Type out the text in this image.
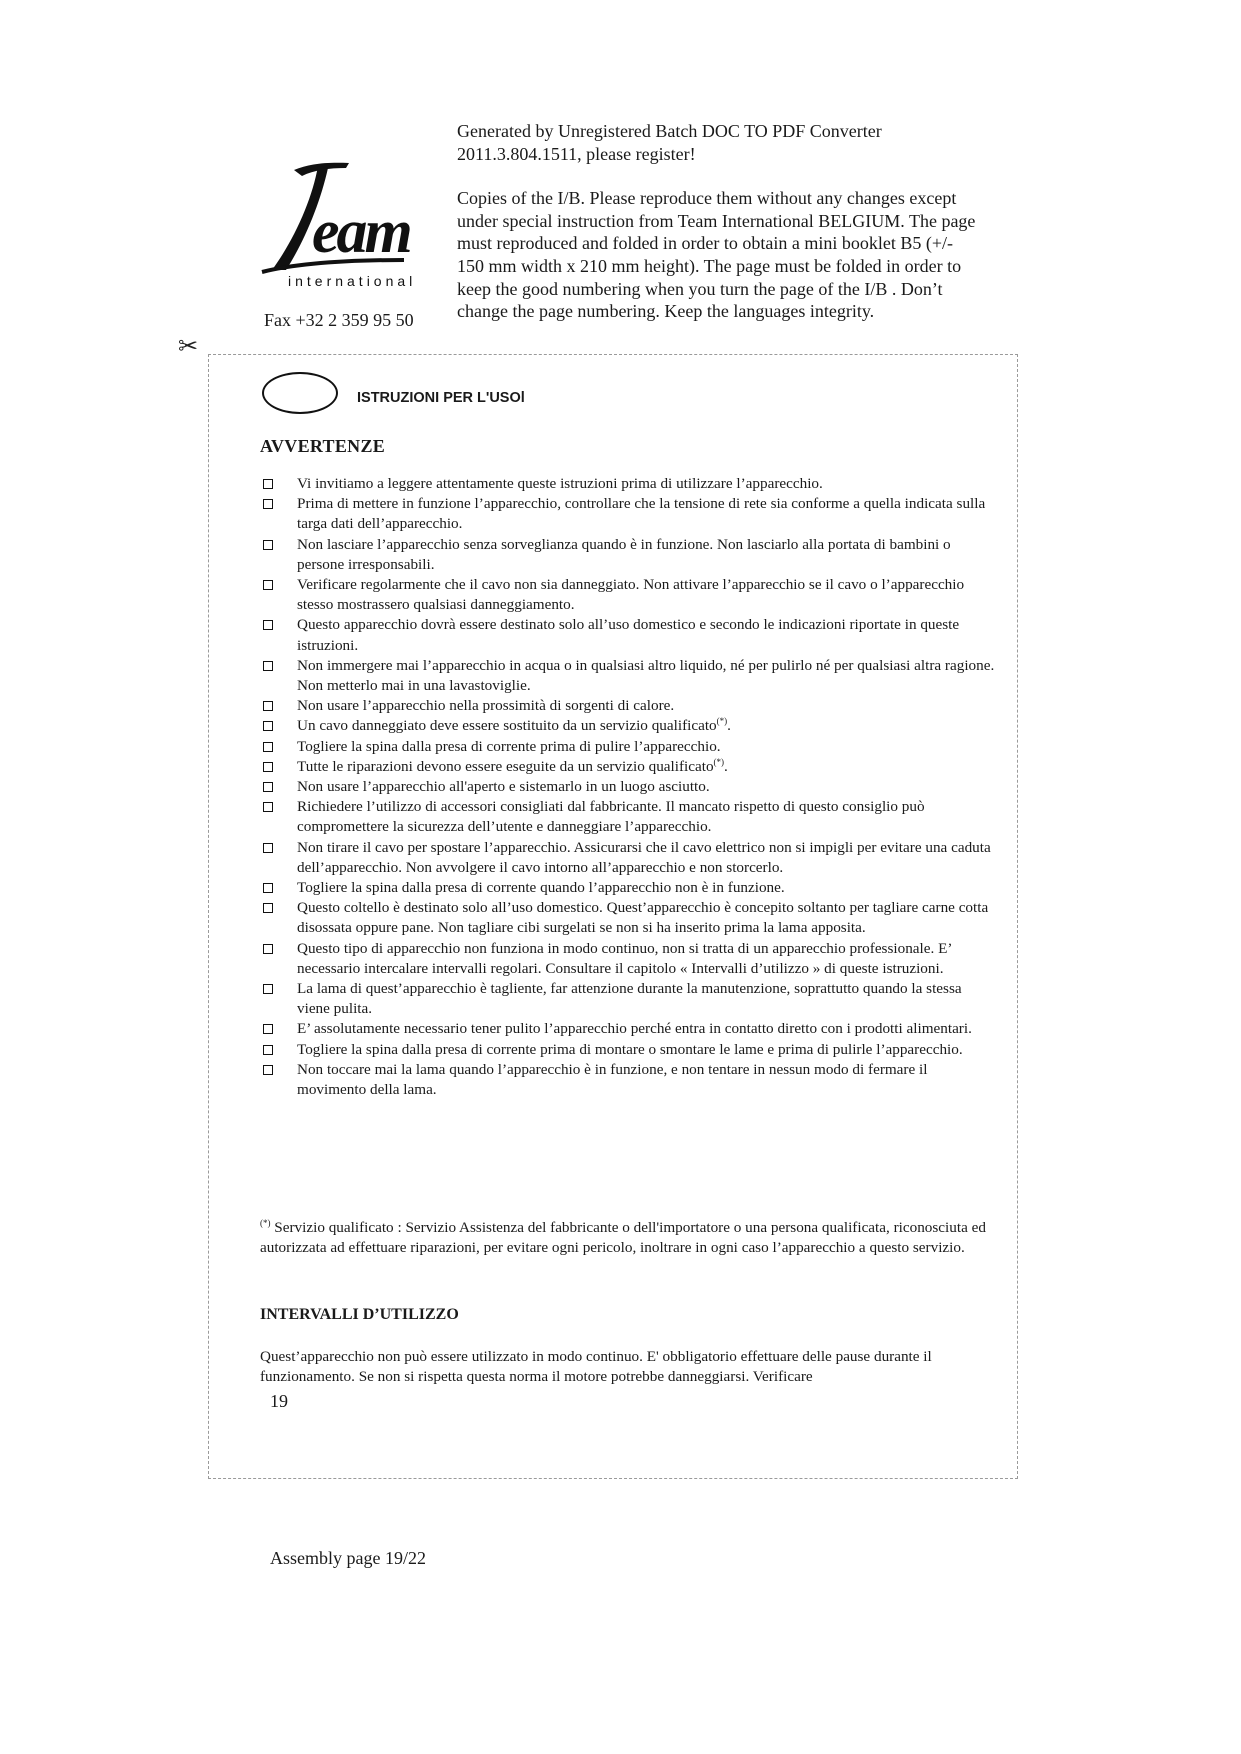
eam
international
Fax +32 2 359 95 50

Generated by Unregistered Batch DOC TO PDF Converter 2011.3.804.1511, please register!

Copies of the I/B. Please reproduce them without any changes except under special instruction from Team International BELGIUM. The page must reproduced and folded in order to obtain a mini booklet B5 (+/- 150 mm width x 210 mm height). The page must be folded in order to keep the good numbering when you turn the page of the I/B . Don’t change the page numbering. Keep the languages integrity.

✂
ISTRUZIONI PER L'USOl
AVVERTENZE
Vi invitiamo a leggere attentamente queste istruzioni prima di utilizzare l’apparecchio.
Prima di mettere in funzione l’apparecchio, controllare che la tensione di rete sia conforme a quella indicata sulla targa dati dell’apparecchio.
Non lasciare l’apparecchio senza sorveglianza quando è in funzione. Non lasciarlo alla portata di bambini o persone irresponsabili.
Verificare regolarmente che il cavo non sia danneggiato. Non attivare l’apparecchio se il cavo o l’apparecchio stesso mostrassero qualsiasi danneggiamento.
Questo apparecchio dovrà essere destinato solo all’uso domestico e secondo le indicazioni riportate in queste istruzioni.
Non immergere mai l’apparecchio in acqua o in qualsiasi altro liquido, né per pulirlo né per qualsiasi altra ragione. Non metterlo mai in una lavastoviglie.
Non usare l’apparecchio nella prossimità di sorgenti di calore.
Un cavo danneggiato deve essere sostituito da un servizio qualificato(*).
Togliere la spina dalla presa di corrente prima di pulire l’apparecchio.
Tutte le riparazioni devono essere eseguite da un servizio qualificato(*).
Non usare l’apparecchio all'aperto e sistemarlo in un luogo asciutto.
Richiedere l’utilizzo di accessori consigliati dal fabbricante. Il mancato rispetto di questo consiglio può compromettere la sicurezza dell’utente e danneggiare l’apparecchio.
Non tirare il cavo per spostare l’apparecchio. Assicurarsi che il cavo elettrico non si impigli per evitare una caduta dell’apparecchio. Non avvolgere il cavo intorno all’apparecchio e non storcerlo.
Togliere la spina dalla presa di corrente quando l’apparecchio non è in funzione.
Questo coltello è destinato solo all’uso domestico. Quest’apparecchio è concepito soltanto per tagliare carne cotta disossata oppure pane. Non tagliare cibi surgelati se non si ha inserito prima la lama apposita.
Questo tipo di apparecchio non funziona in modo continuo, non si tratta di un apparecchio professionale. E’ necessario intercalare intervalli regolari. Consultare il capitolo « Intervalli d’utilizzo » di queste istruzioni.
La lama di quest’apparecchio è tagliente, far attenzione durante la manutenzione, soprattutto quando la stessa viene pulita.
E’ assolutamente necessario tener pulito l’apparecchio perché entra in contatto diretto con i prodotti alimentari.
Togliere la spina dalla presa di corrente prima di montare o smontare le lame e prima di pulirle l’apparecchio.
Non toccare mai la lama quando l’apparecchio è in funzione, e non tentare in nessun modo di fermare il movimento della lama.
(*) Servizio qualificato : Servizio Assistenza del fabbricante o dell'importatore o una persona qualificata, riconosciuta ed autorizzata ad effettuare riparazioni, per evitare ogni pericolo, inoltrare in ogni caso l’apparecchio a questo servizio.
INTERVALLI D’UTILIZZO
Quest’apparecchio non può essere utilizzato in modo continuo. E' obbligatorio effettuare delle pause durante il funzionamento. Se non si rispetta questa norma il motore potrebbe danneggiarsi. Verificare
19
Assembly page 19/22
